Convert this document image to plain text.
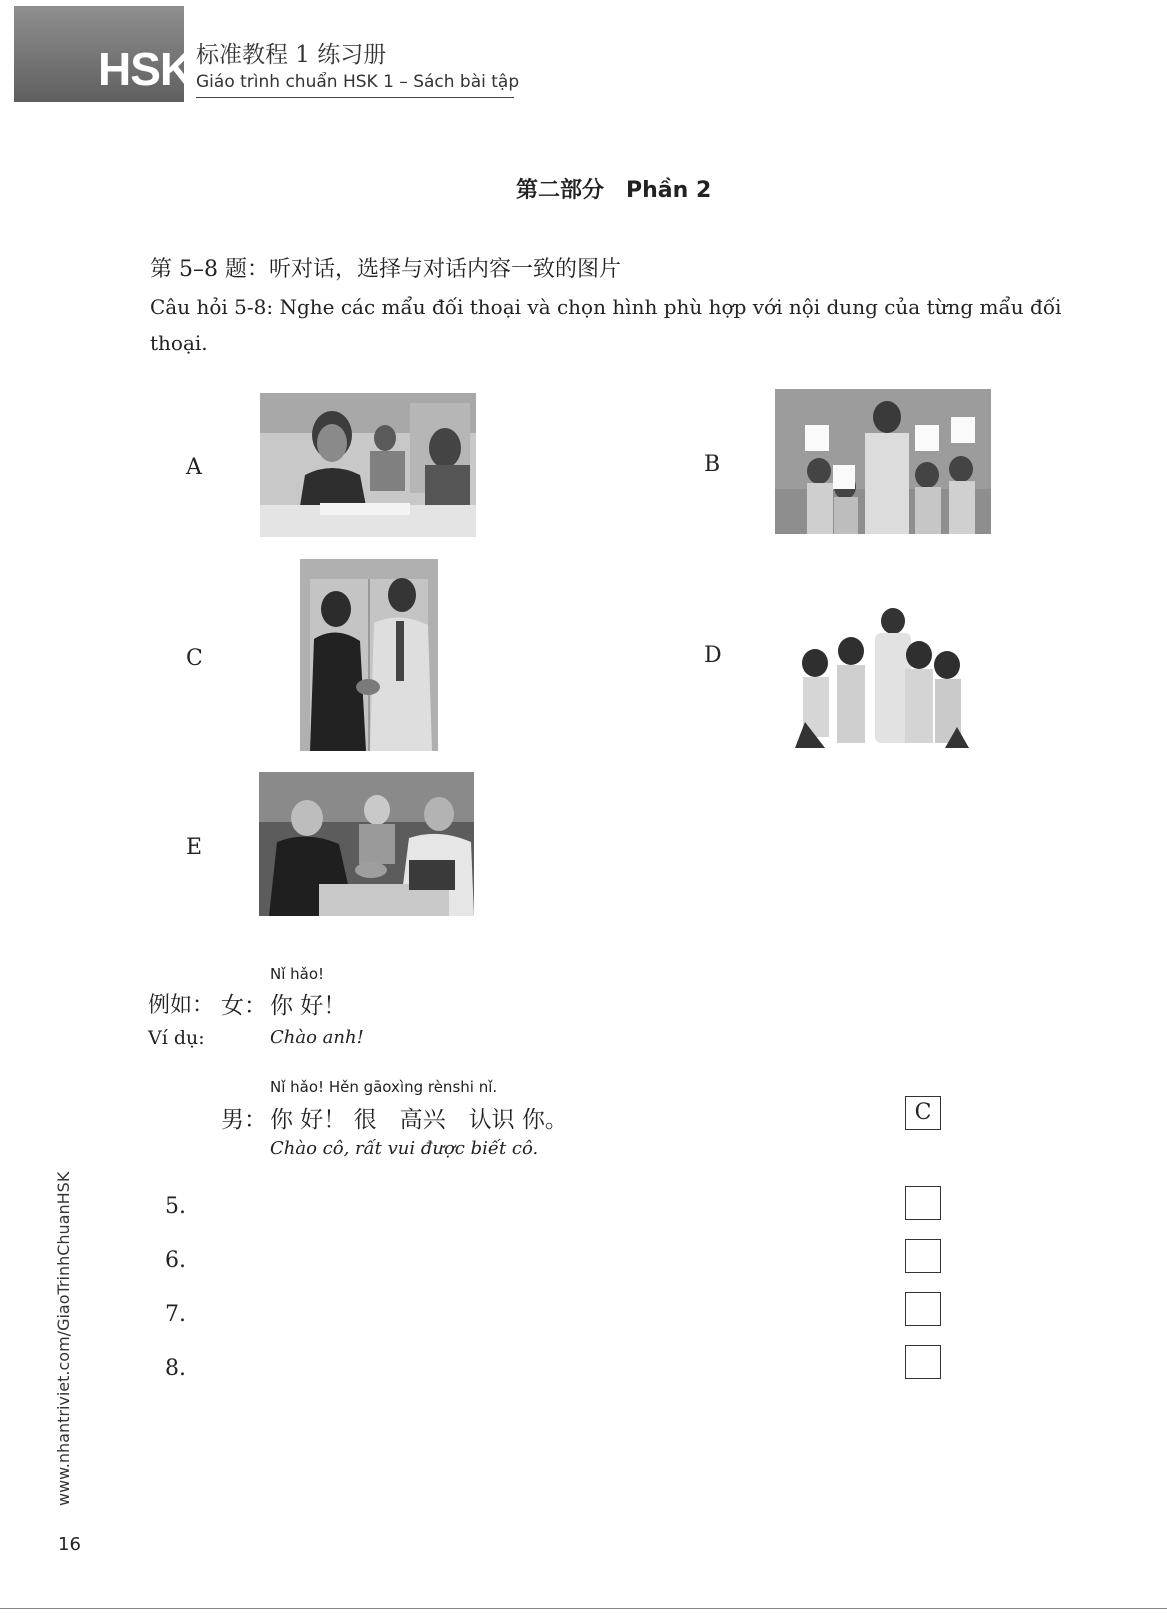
HSK 标准教程 1 练习册
Giáo trình chuẩn HSK 1 – Sách bài tập
第二部分　Phần 2
第 5–8 题：听对话，选择与对话内容一致的图片
Câu hỏi 5-8: Nghe các mẩu đối thoại và chọn hình phù hợp với nội dung của từng mẩu đối thoại.
A	B
C	D
E
Nǐ hǎo!
例如： 女： 你 好！
Ví dụ:	Chào anh!
Nǐ hǎo! Hěn gāoxìng rènshi nǐ.
男： 你 好！ 很　高兴　认识 你。
Chào cô, rất vui được biết cô.
C
5.
6.
7.
8.
www.nhantriviet.com/GiaoTrinhChuanHSK
16
